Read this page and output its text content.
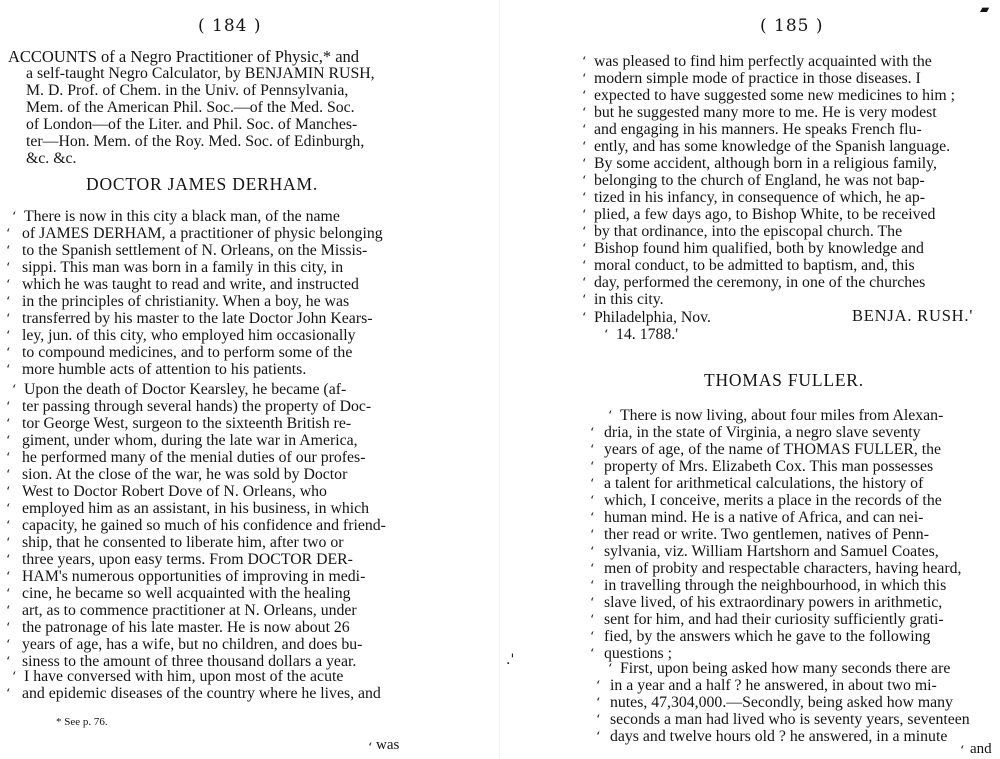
( 184 )
ACCOUNTS of a Negro Practitioner of Physic,* and
a self-taught Negro Calculator, by BENJAMIN RUSH,
M. D. Prof. of Chem. in the Univ. of Pennsylvania,
Mem. of the American Phil. Soc.—of the Med. Soc.
of London—of the Liter. and Phil. Soc. of Manches-
ter—Hon. Mem. of the Roy. Med. Soc. of Edinburgh,
&c. &c.
DOCTOR JAMES DERHAM.
‘ There is now in this city a black man, of the name
‘ of JAMES DERHAM, a practitioner of physic belonging
‘ to the Spanish settlement of N. Orleans, on the Missis-
‘ sippi. This man was born in a family in this city, in
‘ which he was taught to read and write, and instructed
‘ in the principles of christianity. When a boy, he was
‘ transferred by his master to the late Doctor John Kears-
‘ ley, jun. of this city, who employed him occasionally
‘ to compound medicines, and to perform some of the
‘ more humble acts of attention to his patients.
‘ Upon the death of Doctor Kearsley, he became (af-
‘ ter passing through several hands) the property of Doc-
‘ tor George West, surgeon to the sixteenth British re-
‘ giment, under whom, during the late war in America,
‘ he performed many of the menial duties of our profes-
‘ sion. At the close of the war, he was sold by Doctor
‘ West to Doctor Robert Dove of N. Orleans, who
‘ employed him as an assistant, in his business, in which
‘ capacity, he gained so much of his confidence and friend-
‘ ship, that he consented to liberate him, after two or
‘ three years, upon easy terms. From DOCTOR DER-
‘ HAM's numerous opportunities of improving in medi-
‘ cine, he became so well acquainted with the healing
‘ art, as to commence practitioner at N. Orleans, under
‘ the patronage of his late master. He is now about 26
‘ years of age, has a wife, but no children, and does bu-
‘ siness to the amount of three thousand dollars a year.
‘ I have conversed with him, upon most of the acute
‘ and epidemic diseases of the country where he lives, and
* See p. 76.
‘ was
.'
( 185 )
▰
‘ was pleased to find him perfectly acquainted with the
‘ modern simple mode of practice in those diseases. I
‘ expected to have suggested some new medicines to him ;
‘ but he suggested many more to me. He is very modest
‘ and engaging in his manners. He speaks French flu-
‘ ently, and has some knowledge of the Spanish language.
‘ By some accident, although born in a religious family,
‘ belonging to the church of England, he was not bap-
‘ tized in his infancy, in consequence of which, he ap-
‘ plied, a few days ago, to Bishop White, to be received
‘ by that ordinance, into the episcopal church. The
‘ Bishop found him qualified, both by knowledge and
‘ moral conduct, to be admitted to baptism, and, this
‘ day, performed the ceremony, in one of the churches
‘ in this city.
‘ Philadelphia, Nov.	BENJA. RUSH.'
‘ 14. 1788.'
THOMAS FULLER.
‘ There is now living, about four miles from Alexan-
‘ dria, in the state of Virginia, a negro slave seventy
‘ years of age, of the name of THOMAS FULLER, the
‘ property of Mrs. Elizabeth Cox. This man possesses
‘ a talent for arithmetical calculations, the history of
‘ which, I conceive, merits a place in the records of the
‘ human mind. He is a native of Africa, and can nei-
‘ ther read or write. Two gentlemen, natives of Penn-
‘ sylvania, viz. William Hartshorn and Samuel Coates,
‘ men of probity and respectable characters, having heard,
‘ in travelling through the neighbourhood, in which this
‘ slave lived, of his extraordinary powers in arithmetic,
‘ sent for him, and had their curiosity sufficiently grati-
‘ fied, by the answers which he gave to the following
‘ questions ;
‘ First, upon being asked how many seconds there are
‘ in a year and a half ? he answered, in about two mi-
‘ nutes, 47,304,000.—Secondly, being asked how many
‘ seconds a man had lived who is seventy years, seventeen
‘ days and twelve hours old ? he answered, in a minute
‘ and
